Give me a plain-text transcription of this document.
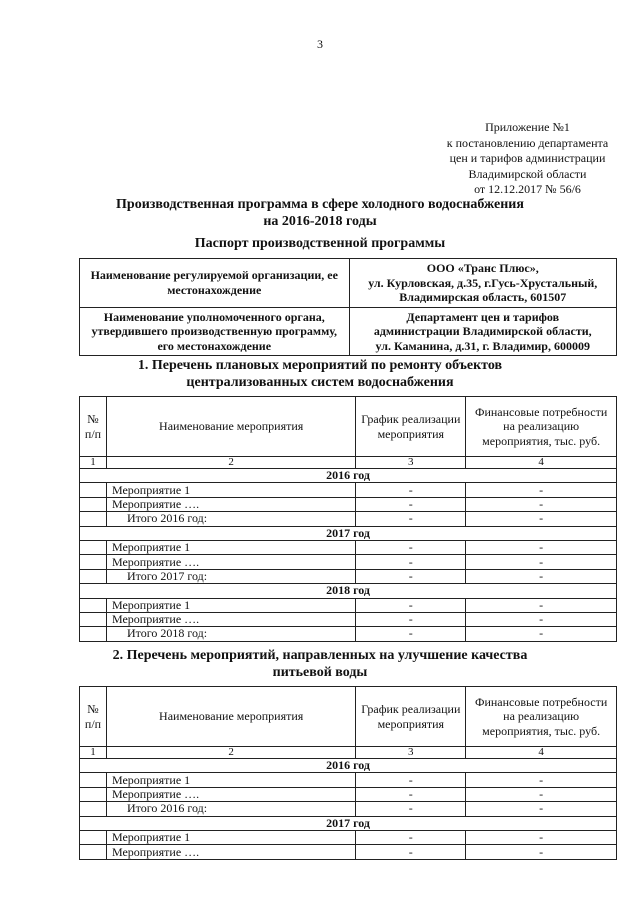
3
Приложение №1
к постановлению департамента
цен и тарифов администрации
Владимирской области
от 12.12.2017 № 56/6
Производственная программа в сфере холодного водоснабжения
на 2016-2018 годы
Паспорт производственной программы
Наименование регулируемой организации, ее местонахождение	ООО «Транс Плюс»,
ул. Курловская, д.35, г.Гусь-Хрустальный,
Владимирская область, 601507

Наименование уполномоченного органа, утвердившего производственную программу, его местонахождение	Департамент цен и тарифов
администрации Владимирской области,
ул. Каманина, д.31, г. Владимир, 600009
1. Перечень плановых мероприятий по ремонту объектов
централизованных систем водоснабжения
№ п/п	Наименование мероприятия	График реализации мероприятия	Финансовые потребности на реализацию мероприятия, тыс. руб.
1	2	3	4
2016 год			
	Мероприятие 1	-	-
	Мероприятие ….	-	-
	Итого 2016 год:	-	-
2017 год			
	Мероприятие 1	-	-
	Мероприятие ….	-	-
	Итого 2017 год:	-	-
2018 год			
	Мероприятие 1	-	-
	Мероприятие ….	-	-
	Итого 2018 год:	-	-
2. Перечень мероприятий, направленных на улучшение качества
питьевой воды
№ п/п	Наименование мероприятия	График реализации мероприятия	Финансовые потребности на реализацию мероприятия, тыс. руб.
1	2	3	4
2016 год			
	Мероприятие 1	-	-
	Мероприятие ….	-	-
	Итого 2016 год:	-	-
2017 год			
	Мероприятие 1	-	-
	Мероприятие ….	-	-
